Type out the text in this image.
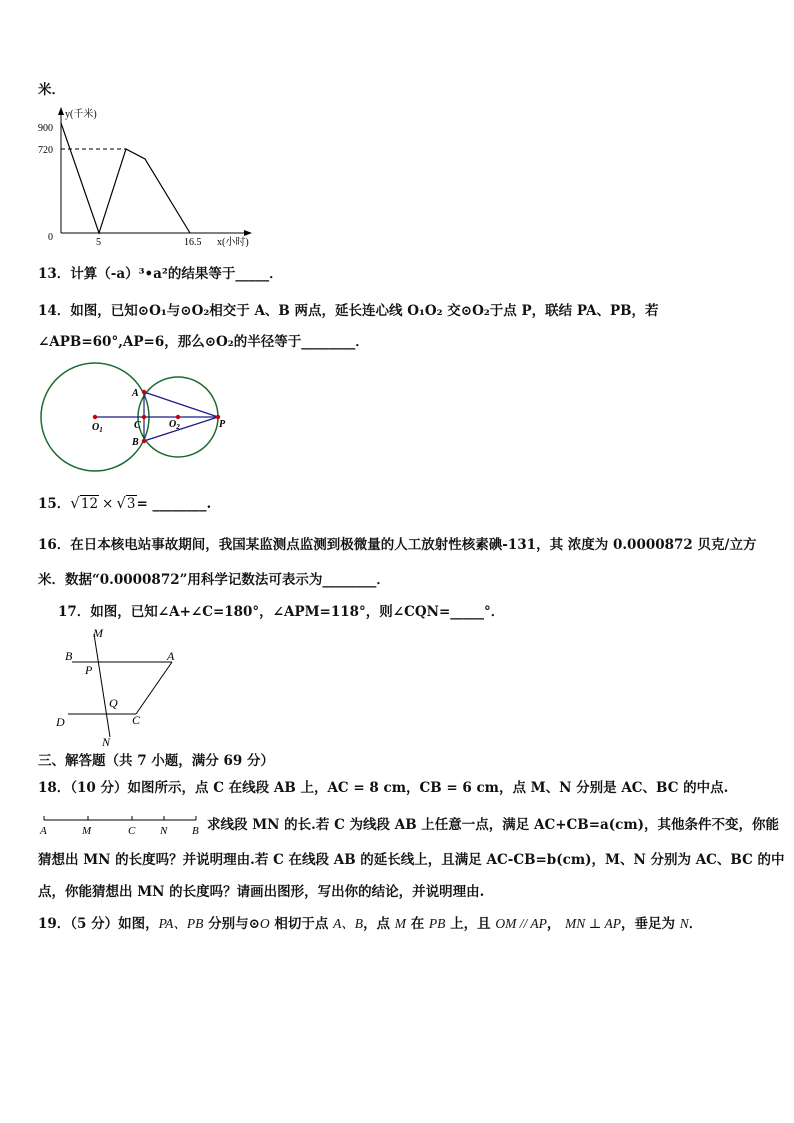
米．
y(千米)
900
720
0	5	16.5 x(小时)
13．计算（-a）³•a²的结果等于_____．
14．如图，已知⊙O₁与⊙O₂相交于 A、B 两点，延长连心线 O₁O₂ 交⊙O₂于点 P，联结 PA、PB，若
∠APB=60°,AP=6，那么⊙O₂的半径等于________．
A
B
C
$O_1$	$O_2$	P
15．√12 × √3= ________.
16．在日本核电站事故期间，我国某监测点监测到极微量的人工放射性核素碘-131，其 浓度为 0.0000872 贝克/立方
米．数据“0.0000872”用科学记数法可表示为________．
17．如图，已知∠A+∠C=180°，∠APM=118°，则∠CQN=_____°．
M
B	A
P
Q
D	C
N
三、解答题（共 7 小题，满分 69 分）
18．（10 分）如图所示，点 C 在线段 AB 上，AC = 8 cm，CB = 6 cm，点 M、N 分别是 AC、BC 的中点.
A	M	C N B 求线段 MN 的长.若 C 为线段 AB 上任意一点，满足 AC+CB=a(cm)，其他条件不变，你能
猜想出 MN 的长度吗？并说明理由.若 C 在线段 AB 的延长线上，且满足 AC-CB=b(cm)，M、N 分别为 AC、BC 的中
点，你能猜想出 MN 的长度吗？请画出图形，写出你的结论，并说明理由.
19．（5 分）如图，PA、PB 分别与⊙O 相切于点 A、B，点 M 在 PB 上，且 OM // AP， MN ⊥ AP，垂足为 N．
